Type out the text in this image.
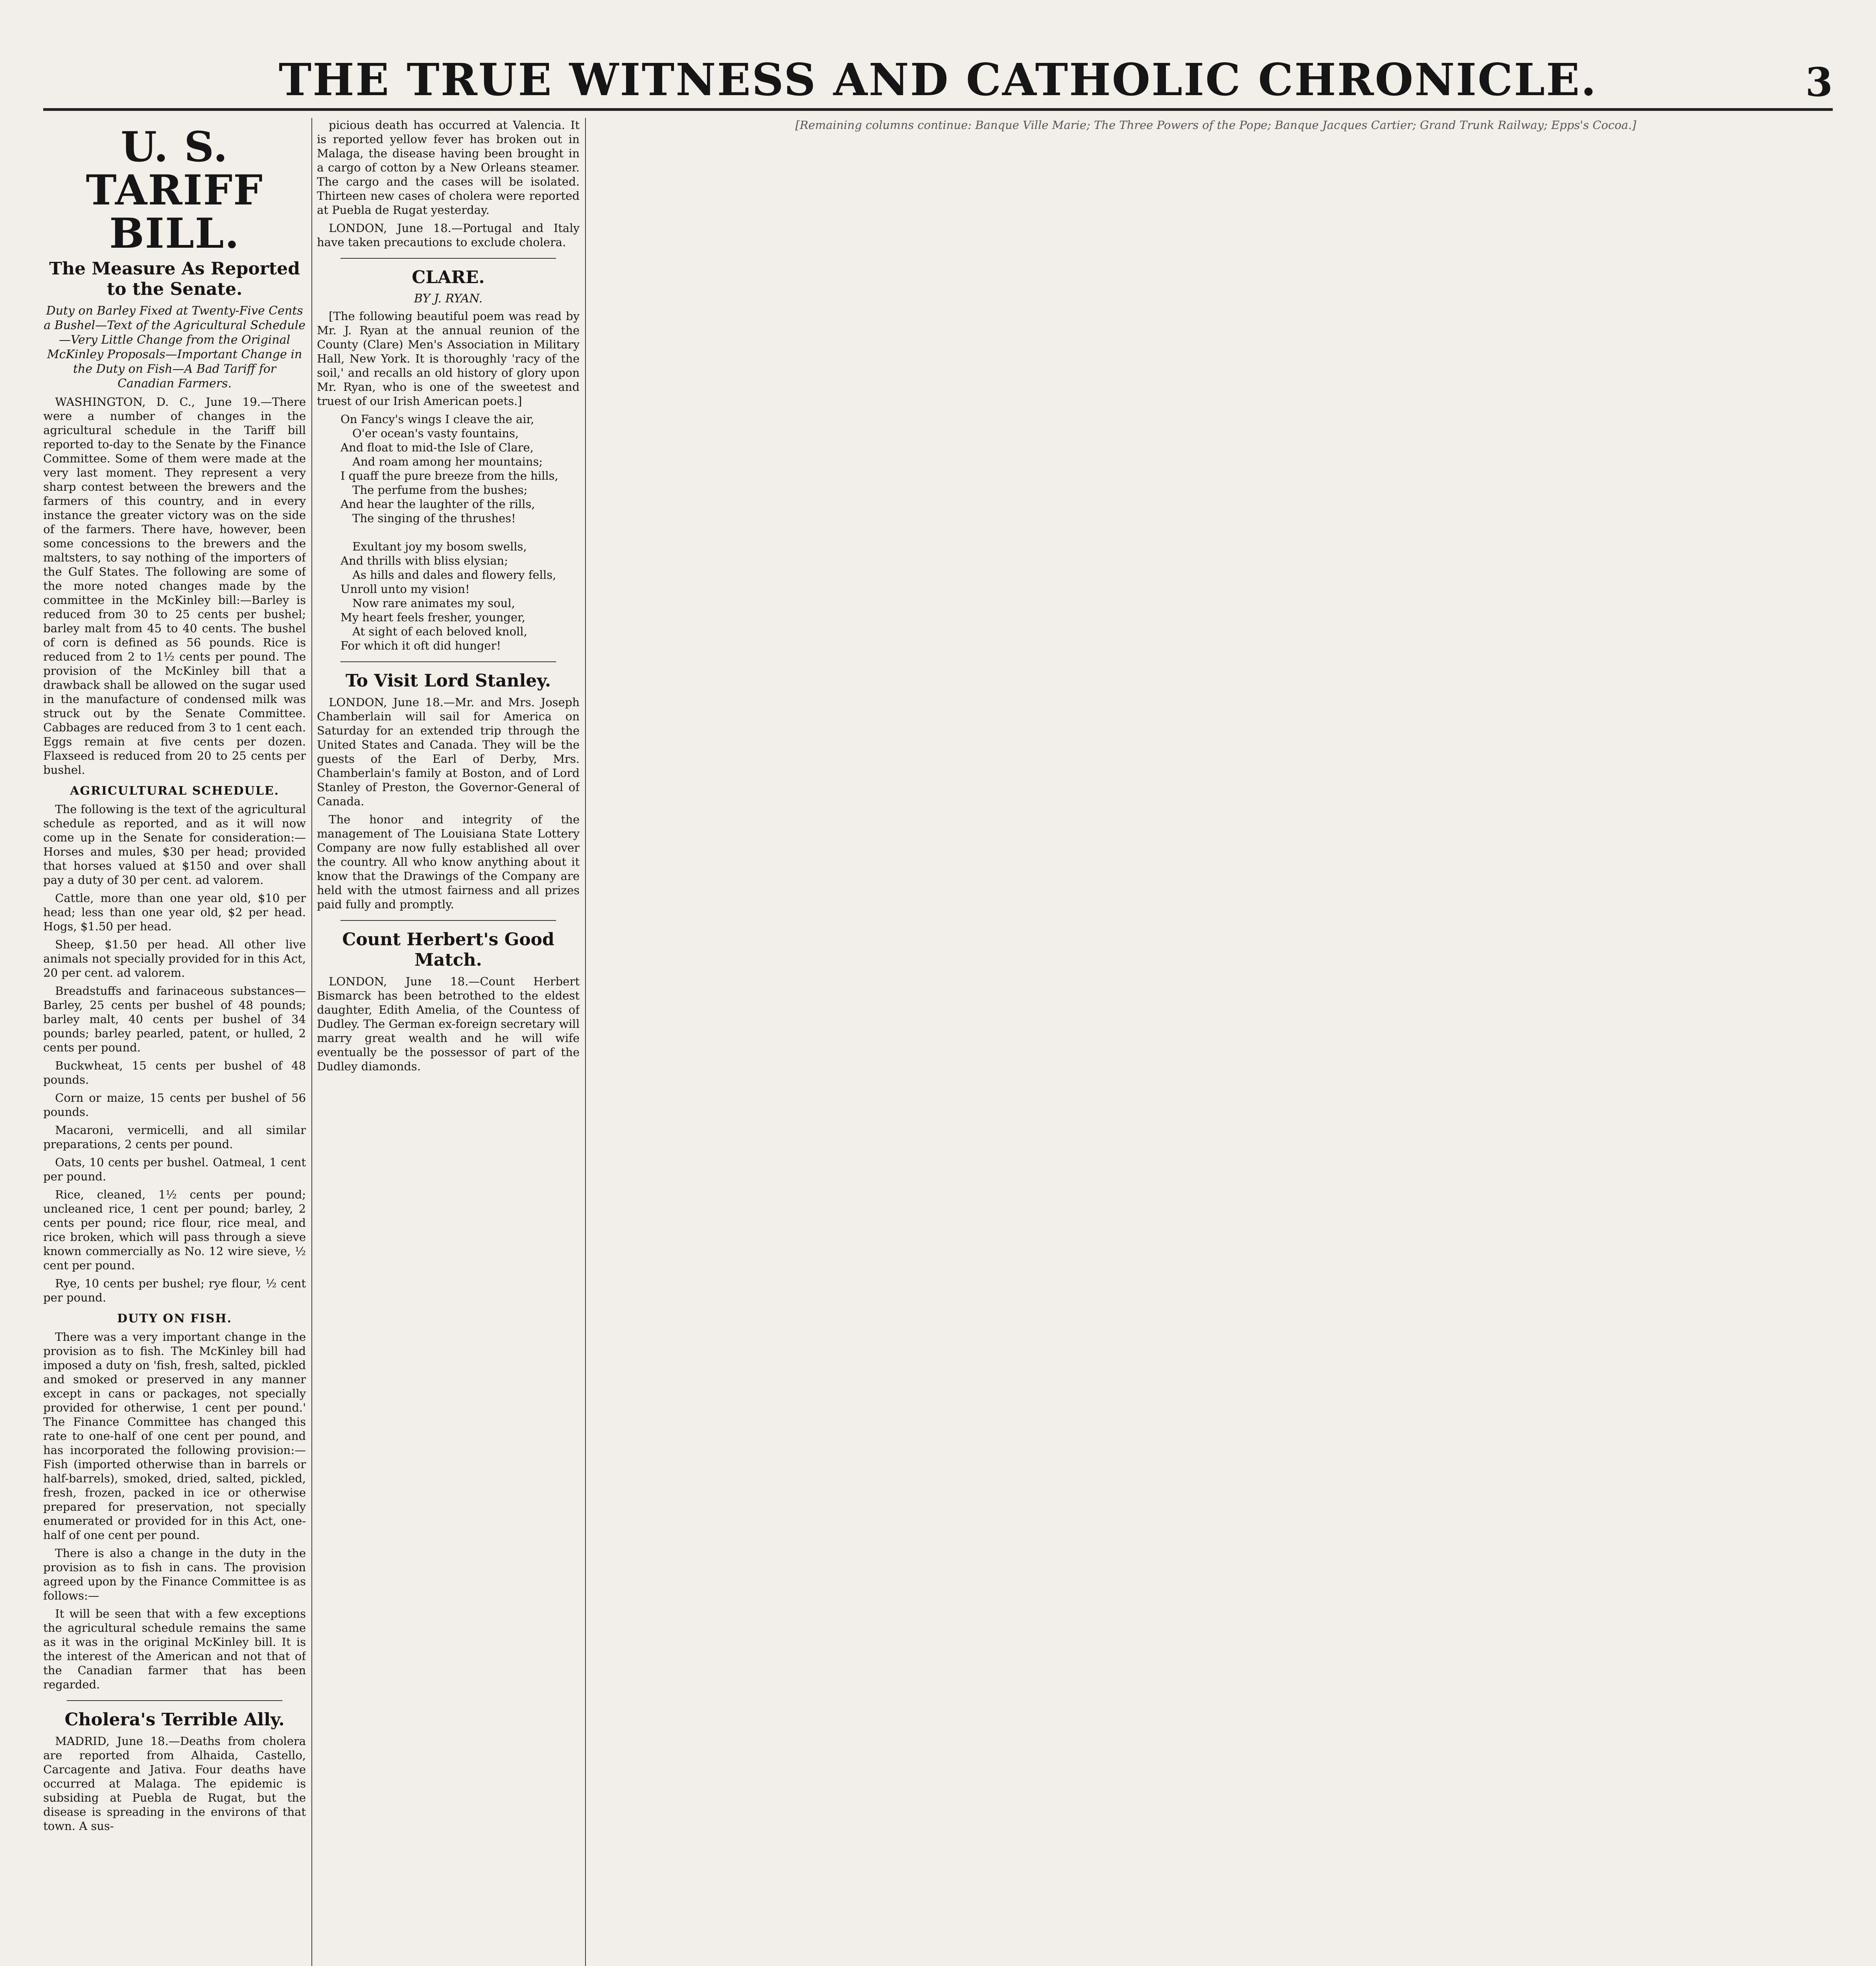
THE TRUE WITNESS AND CATHOLIC CHRONICLE.	3
U. S. TARIFF BILL.
The Measure As Reported to the Senate.
Duty on Barley Fixed at Twenty-Five Cents a Bushel—Text of the Agricultural Schedule—Very Little Change from the Original McKinley Proposals—Important Change in the Duty on Fish—A Bad Tariff for Canadian Farmers.

WASHINGTON, D. C., June 19.—There were a number of changes in the agricultural schedule in the Tariff bill reported to-day to the Senate by the Finance Committee. Some of them were made at the very last moment. They represent a very sharp contest between the brewers and the farmers of this country, and in every instance the greater victory was on the side of the farmers. There have, however, been some concessions to the brewers and the maltsters, to say nothing of the importers of the Gulf States. The following are some of the more noted changes made by the committee in the McKinley bill:—Barley is reduced from 30 to 25 cents per bushel; barley malt from 45 to 40 cents. The bushel of corn is defined as 56 pounds. Rice is reduced from 2 to 1½ cents per pound. The provision of the McKinley bill that a drawback shall be allowed on the sugar used in the manufacture of condensed milk was struck out by the Senate Committee. Cabbages are reduced from 3 to 1 cent each. Eggs remain at five cents per dozen. Flaxseed is reduced from 20 to 25 cents per bushel.

AGRICULTURAL SCHEDULE.

The following is the text of the agricultural schedule as reported, and as it will now come up in the Senate for consideration:—Horses and mules, $30 per head; provided that horses valued at $150 and over shall pay a duty of 30 per cent. ad valorem.

Cattle, more than one year old, $10 per head; less than one year old, $2 per head. Hogs, $1.50 per head.

Sheep, $1.50 per head. All other live animals not specially provided for in this Act, 20 per cent. ad valorem.

Breadstuffs and farinaceous substances—Barley, 25 cents per bushel of 48 pounds; barley malt, 40 cents per bushel of 34 pounds; barley pearled, patent, or hulled, 2 cents per pound.

Buckwheat, 15 cents per bushel of 48 pounds.

Corn or maize, 15 cents per bushel of 56 pounds.

Macaroni, vermicelli, and all similar preparations, 2 cents per pound.

Oats, 10 cents per bushel. Oatmeal, 1 cent per pound.

Rice, cleaned, 1½ cents per pound; uncleaned rice, 1 cent per pound; barley, 2 cents per pound; rice flour, rice meal, and rice broken, which will pass through a sieve known commercially as No. 12 wire sieve, ½ cent per pound.

Rye, 10 cents per bushel; rye flour, ½ cent per pound.

DUTY ON FISH.

There was a very important change in the provision as to fish. The McKinley bill had imposed a duty on 'fish, fresh, salted, pickled and smoked or preserved in any manner except in cans or packages, not specially provided for otherwise, 1 cent per pound.' The Finance Committee has changed this rate to one-half of one cent per pound, and has incorporated the following provision:—Fish (imported otherwise than in barrels or half-barrels), smoked, dried, salted, pickled, fresh, frozen, packed in ice or otherwise prepared for preservation, not specially enumerated or provided for in this Act, one-half of one cent per pound.

There is also a change in the duty in the provision as to fish in cans. The provision agreed upon by the Finance Committee is as follows:—

It will be seen that with a few exceptions the agricultural schedule remains the same as it was in the original McKinley bill. It is the interest of the American and not that of the Canadian farmer that has been regarded.

Cholera's Terrible Ally.

MADRID, June 18.—Deaths from cholera are reported from Alhaida, Castello, Carcagente and Jativa. Four deaths have occurred at Malaga. The epidemic is subsiding at Puebla de Rugat, but the disease is spreading in the environs of that town. A sus-

picious death has occurred at Valencia. It is reported yellow fever has broken out in Malaga, the disease having been brought in a cargo of cotton by a New Orleans steamer. The cargo and the cases will be isolated. Thirteen new cases of cholera were reported at Puebla de Rugat yesterday.

LONDON, June 18.—Portugal and Italy have taken precautions to exclude cholera.

CLARE.
BY J. RYAN.

[The following beautiful poem was read by Mr. J. Ryan at the annual reunion of the County (Clare) Men's Association in Military Hall, New York. It is thoroughly 'racy of the soil,' and recalls an old history of glory upon Mr. Ryan, who is one of the sweetest and truest of our Irish American poets.]

On Fancy's wings I cleave the air,
O'er ocean's vasty fountains,
And float to mid-the Isle of Clare,
And roam among her mountains;
I quaff the pure breeze from the hills,
The perfume from the bushes;
And hear the laughter of the rills,
The singing of the thrushes!

Exultant joy my bosom swells,
And thrills with bliss elysian;
As hills and dales and flowery fells,
Unroll unto my vision!
Now rare animates my soul,
My heart feels fresher, younger,
At sight of each beloved knoll,
For which it oft did hunger!
To Visit Lord Stanley.

LONDON, June 18.—Mr. and Mrs. Joseph Chamberlain will sail for America on Saturday for an extended trip through the United States and Canada. They will be the guests of the Earl of Derby, Mrs. Chamberlain's family at Boston, and of Lord Stanley of Preston, the Governor-General of Canada.

The honor and integrity of the management of The Louisiana State Lottery Company are now fully established all over the country. All who know anything about it know that the Drawings of the Company are held with the utmost fairness and all prizes paid fully and promptly.

Count Herbert's Good Match.

LONDON, June 18.—Count Herbert Bismarck has been betrothed to the eldest daughter, Edith Amelia, of the Countess of Dudley. The German ex-foreign secretary will marry great wealth and he will wife eventually be the possessor of part of the Dudley diamonds.

[Remaining columns continue: Banque Ville Marie; The Three Powers of the Pope; Banque Jacques Cartier; Grand Trunk Railway; Epps's Cocoa.]
